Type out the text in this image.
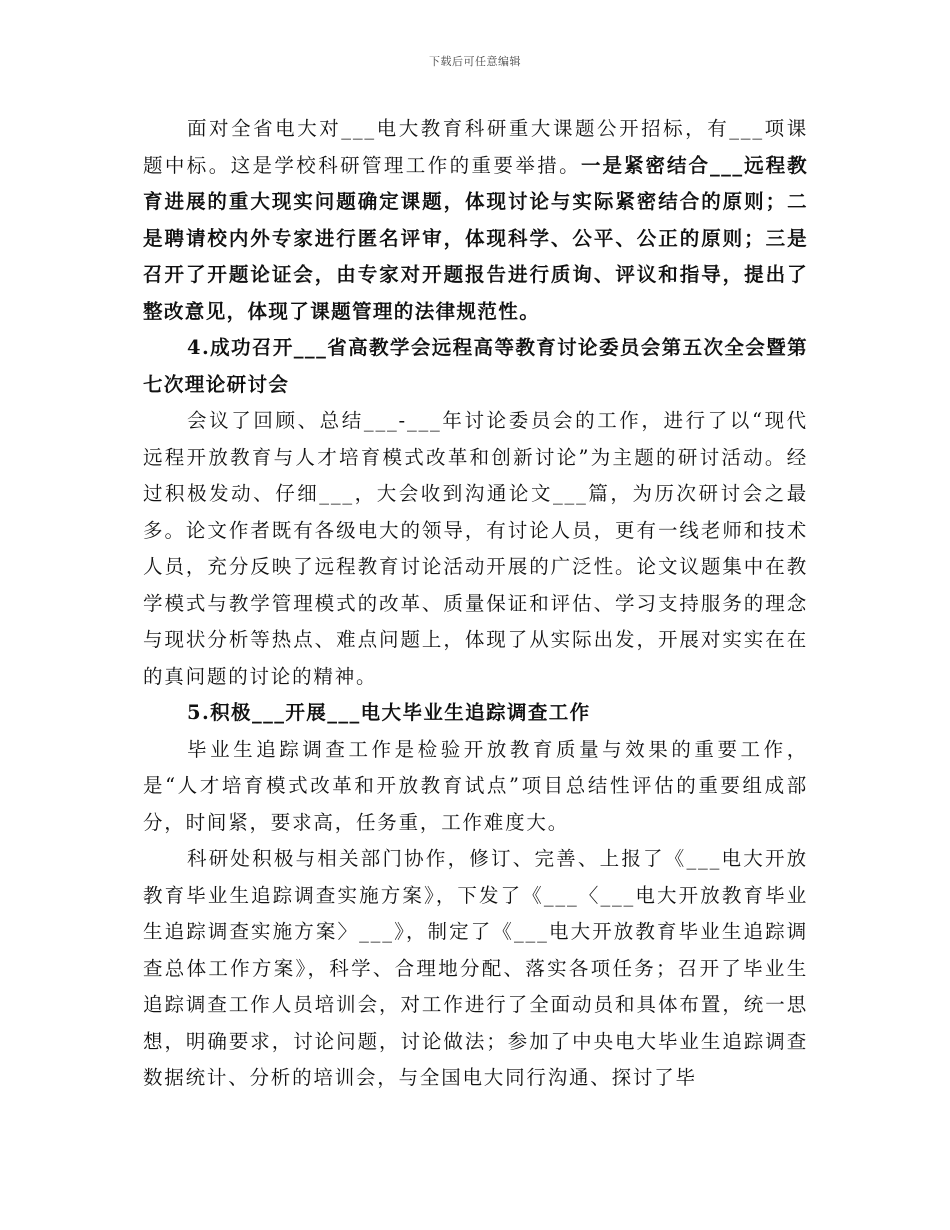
下载后可任意编辑

面对全省电大对___电大教育科研重大课题公开招标，有___项课题中标。这是学校科研管理工作的重要举措。一是紧密结合___远程教育进展的重大现实问题确定课题，体现讨论与实际紧密结合的原则；二是聘请校内外专家进行匿名评审，体现科学、公平、公正的原则；三是召开了开题论证会，由专家对开题报告进行质询、评议和指导，提出了整改意见，体现了课题管理的法律规范性。

4.成功召开___省高教学会远程高等教育讨论委员会第五次全会暨第七次理论研讨会

会议了回顾、总结___-___年讨论委员会的工作，进行了以“现代远程开放教育与人才培育模式改革和创新讨论”为主题的研讨活动。经过积极发动、仔细___，大会收到沟通论文___篇，为历次研讨会之最多。论文作者既有各级电大的领导，有讨论人员，更有一线老师和技术人员，充分反映了远程教育讨论活动开展的广泛性。论文议题集中在教学模式与教学管理模式的改革、质量保证和评估、学习支持服务的理念与现状分析等热点、难点问题上，体现了从实际出发，开展对实实在在的真问题的讨论的精神。

5.积极___开展___电大毕业生追踪调查工作

毕业生追踪调查工作是检验开放教育质量与效果的重要工作，是“人才培育模式改革和开放教育试点”项目总结性评估的重要组成部分，时间紧，要求高，任务重，工作难度大。

科研处积极与相关部门协作，修订、完善、上报了《___电大开放教育毕业生追踪调查实施方案》，下发了《___〈___电大开放教育毕业生追踪调查实施方案〉___》，制定了《___电大开放教育毕业生追踪调查总体工作方案》，科学、合理地分配、落实各项任务；召开了毕业生追踪调查工作人员培训会，对工作进行了全面动员和具体布置，统一思想，明确要求，讨论问题，讨论做法；参加了中央电大毕业生追踪调查数据统计、分析的培训会，与全国电大同行沟通、探讨了毕
